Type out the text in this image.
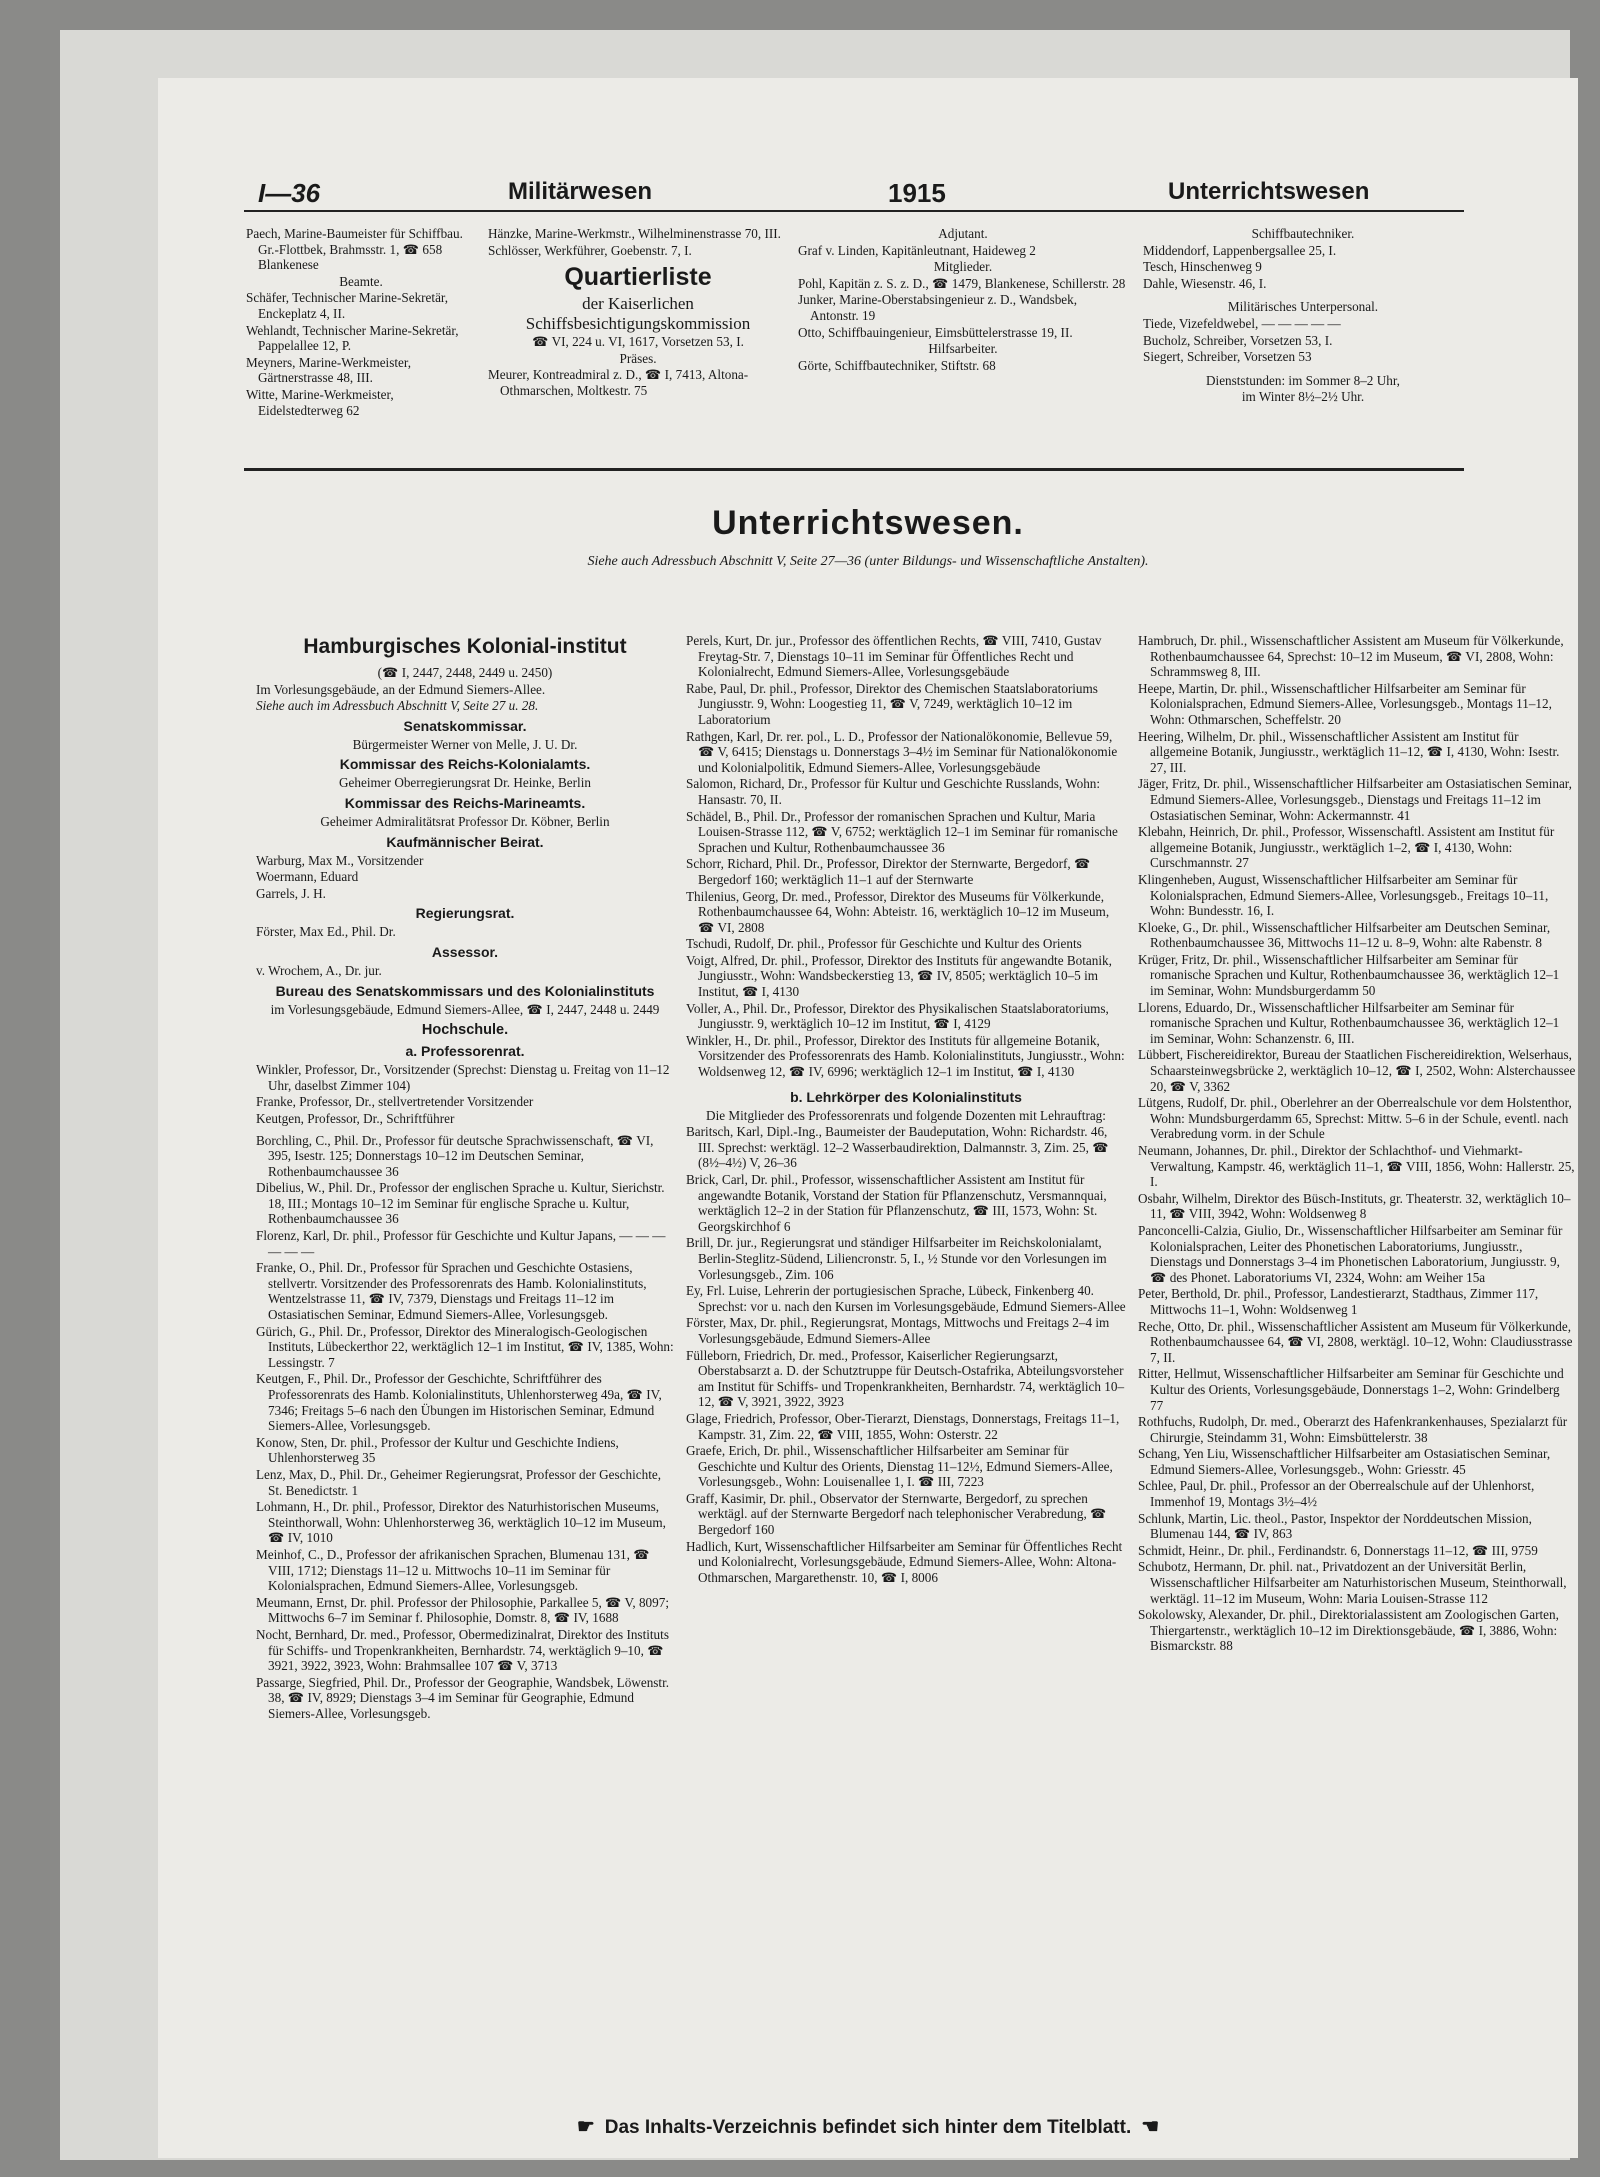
I—36	Militärwesen	1915	Unterrichtswesen

Paech, Marine-Baumeister für Schiffbau. Gr.-Flottbek, Brahmsstr. 1, ☎ 658 Blankenese

Beamte.

Schäfer, Technischer Marine-Sekretär, Enckeplatz 4, II.

Wehlandt, Technischer Marine-Sekretär, Pappelallee 12, P.

Meyners, Marine-Werkmeister, Gärtnerstrasse 48, III.

Witte, Marine-Werkmeister, Eidelstedterweg 62

Hänzke, Marine-Werkmstr., Wilhelminenstrasse 70, III.

Schlösser, Werkführer, Goebenstr. 7, I.

Quartierliste
der Kaiserlichen
Schiffsbesichtigungskommission

☎ VI, 224 u. VI, 1617, Vorsetzen 53, I.

Präses.

Meurer, Kontreadmiral z. D., ☎ I, 7413, Altona-Othmarschen, Moltkestr. 75

Adjutant.

Graf v. Linden, Kapitänleutnant, Haideweg 2

Mitglieder.

Pohl, Kapitän z. S. z. D., ☎ 1479, Blankenese, Schillerstr. 28

Junker, Marine-Oberstabsingenieur z. D., Wandsbek, Antonstr. 19

Otto, Schiffbauingenieur, Eimsbüttelerstrasse 19, II.

Hilfsarbeiter.

Görte, Schiffbautechniker, Stiftstr. 68

Schiffbautechniker.

Middendorf, Lappenbergsallee 25, I.

Tesch, Hinschenweg 9

Dahle, Wiesenstr. 46, I.

Militärisches Unterpersonal.

Tiede, Vizefeldwebel, — — — — —

Bucholz, Schreiber, Vorsetzen 53, I.

Siegert, Schreiber, Vorsetzen 53

Dienststunden: im Sommer 8–2 Uhr,

im Winter 8½–2½ Uhr.

Unterrichtswesen.
Siehe auch Adressbuch Abschnitt V, Seite 27—36 (unter Bildungs- und Wissenschaftliche Anstalten).
Hamburgisches Kolonial-institut

(☎ I, 2447, 2448, 2449 u. 2450)

Im Vorlesungsgebäude, an der Edmund Siemers-Allee.

Siehe auch im Adressbuch Abschnitt V, Seite 27 u. 28.

Senatskommissar.

Bürgermeister Werner von Melle, J. U. Dr.

Kommissar des Reichs-Kolonialamts.

Geheimer Oberregierungsrat Dr. Heinke, Berlin

Kommissar des Reichs-Marineamts.

Geheimer Admiralitätsrat Professor Dr. Köbner, Berlin

Kaufmännischer Beirat.

Warburg, Max M., Vorsitzender

Woermann, Eduard

Garrels, J. H.

Regierungsrat.

Förster, Max Ed., Phil. Dr.

Assessor.

v. Wrochem, A., Dr. jur.

Bureau des Senatskommissars und des Kolonialinstituts

im Vorlesungsgebäude, Edmund Siemers-Allee, ☎ I, 2447, 2448 u. 2449

Hochschule.
a. Professorenrat.

Winkler, Professor, Dr., Vorsitzender (Sprechst: Dienstag u. Freitag von 11–12 Uhr, daselbst Zimmer 104)

Franke, Professor, Dr., stellvertretender Vorsitzender

Keutgen, Professor, Dr., Schriftführer

Borchling, C., Phil. Dr., Professor für deutsche Sprachwissenschaft, ☎ VI, 395, Isestr. 125; Donnerstags 10–12 im Deutschen Seminar, Rothenbaumchaussee 36

Dibelius, W., Phil. Dr., Professor der englischen Sprache u. Kultur, Sierichstr. 18, III.; Montags 10–12 im Seminar für englische Sprache u. Kultur, Rothenbaumchaussee 36

Florenz, Karl, Dr. phil., Professor für Geschichte und Kultur Japans, — — — — — —

Franke, O., Phil. Dr., Professor für Sprachen und Geschichte Ostasiens, stellvertr. Vorsitzender des Professorenrats des Hamb. Kolonialinstituts, Wentzelstrasse 11, ☎ IV, 7379, Dienstags und Freitags 11–12 im Ostasiatischen Seminar, Edmund Siemers-Allee, Vorlesungsgeb.

Gürich, G., Phil. Dr., Professor, Direktor des Mineralogisch-Geologischen Instituts, Lübeckerthor 22, werktäglich 12–1 im Institut, ☎ IV, 1385, Wohn: Lessingstr. 7

Keutgen, F., Phil. Dr., Professor der Geschichte, Schriftführer des Professorenrats des Hamb. Kolonialinstituts, Uhlenhorsterweg 49a, ☎ IV, 7346; Freitags 5–6 nach den Übungen im Historischen Seminar, Edmund Siemers-Allee, Vorlesungsgeb.

Konow, Sten, Dr. phil., Professor der Kultur und Geschichte Indiens, Uhlenhorsterweg 35

Lenz, Max, D., Phil. Dr., Geheimer Regierungsrat, Professor der Geschichte, St. Benedictstr. 1

Lohmann, H., Dr. phil., Professor, Direktor des Naturhistorischen Museums, Steinthorwall, Wohn: Uhlenhorsterweg 36, werktäglich 10–12 im Museum, ☎ IV, 1010

Meinhof, C., D., Professor der afrikanischen Sprachen, Blumenau 131, ☎ VIII, 1712; Dienstags 11–12 u. Mittwochs 10–11 im Seminar für Kolonialsprachen, Edmund Siemers-Allee, Vorlesungsgeb.

Meumann, Ernst, Dr. phil. Professor der Philosophie, Parkallee 5, ☎ V, 8097; Mittwochs 6–7 im Seminar f. Philosophie, Domstr. 8, ☎ IV, 1688

Nocht, Bernhard, Dr. med., Professor, Obermedizinalrat, Direktor des Instituts für Schiffs- und Tropenkrankheiten, Bernhardstr. 74, werktäglich 9–10, ☎ 3921, 3922, 3923, Wohn: Brahmsallee 107 ☎ V, 3713

Passarge, Siegfried, Phil. Dr., Professor der Geographie, Wandsbek, Löwenstr. 38, ☎ IV, 8929; Dienstags 3–4 im Seminar für Geographie, Edmund Siemers-Allee, Vorlesungsgeb.

Perels, Kurt, Dr. jur., Professor des öffentlichen Rechts, ☎ VIII, 7410, Gustav Freytag-Str. 7, Dienstags 10–11 im Seminar für Öffentliches Recht und Kolonialrecht, Edmund Siemers-Allee, Vorlesungsgebäude

Rabe, Paul, Dr. phil., Professor, Direktor des Chemischen Staatslaboratoriums Jungiusstr. 9, Wohn: Loogestieg 11, ☎ V, 7249, werktäglich 10–12 im Laboratorium

Rathgen, Karl, Dr. rer. pol., L. D., Professor der Nationalökonomie, Bellevue 59, ☎ V, 6415; Dienstags u. Donnerstags 3–4½ im Seminar für Nationalökonomie und Kolonialpolitik, Edmund Siemers-Allee, Vorlesungsgebäude

Salomon, Richard, Dr., Professor für Kultur und Geschichte Russlands, Wohn: Hansastr. 70, II.

Schädel, B., Phil. Dr., Professor der romanischen Sprachen und Kultur, Maria Louisen-Strasse 112, ☎ V, 6752; werktäglich 12–1 im Seminar für romanische Sprachen und Kultur, Rothenbaumchaussee 36

Schorr, Richard, Phil. Dr., Professor, Direktor der Sternwarte, Bergedorf, ☎ Bergedorf 160; werktäglich 11–1 auf der Sternwarte

Thilenius, Georg, Dr. med., Professor, Direktor des Museums für Völkerkunde, Rothenbaumchaussee 64, Wohn: Abteistr. 16, werktäglich 10–12 im Museum, ☎ VI, 2808

Tschudi, Rudolf, Dr. phil., Professor für Geschichte und Kultur des Orients

Voigt, Alfred, Dr. phil., Professor, Direktor des Instituts für angewandte Botanik, Jungiusstr., Wohn: Wandsbeckerstieg 13, ☎ IV, 8505; werktäglich 10–5 im Institut, ☎ I, 4130

Voller, A., Phil. Dr., Professor, Direktor des Physikalischen Staatslaboratoriums, Jungiusstr. 9, werktäglich 10–12 im Institut, ☎ I, 4129

Winkler, H., Dr. phil., Professor, Direktor des Instituts für allgemeine Botanik, Vorsitzender des Professorenrats des Hamb. Kolonialinstituts, Jungiusstr., Wohn: Woldsenweg 12, ☎ IV, 6996; werktäglich 12–1 im Institut, ☎ I, 4130

b. Lehrkörper des Kolonialinstituts

Die Mitglieder des Professorenrats und folgende Dozenten mit Lehrauftrag:

Baritsch, Karl, Dipl.-Ing., Baumeister der Baudeputation, Wohn: Richardstr. 46, III. Sprechst: werktägl. 12–2 Wasserbaudirektion, Dalmannstr. 3, Zim. 25, ☎ (8½–4½) V, 26–36

Brick, Carl, Dr. phil., Professor, wissenschaftlicher Assistent am Institut für angewandte Botanik, Vorstand der Station für Pflanzenschutz, Versmannquai, werktäglich 12–2 in der Station für Pflanzenschutz, ☎ III, 1573, Wohn: St. Georgskirchhof 6

Brill, Dr. jur., Regierungsrat und ständiger Hilfsarbeiter im Reichskolonialamt, Berlin-Steglitz-Südend, Liliencronstr. 5, I., ½ Stunde vor den Vorlesungen im Vorlesungsgeb., Zim. 106

Ey, Frl. Luise, Lehrerin der portugiesischen Sprache, Lübeck, Finkenberg 40. Sprechst: vor u. nach den Kursen im Vorlesungsgebäude, Edmund Siemers-Allee

Förster, Max, Dr. phil., Regierungsrat, Montags, Mittwochs und Freitags 2–4 im Vorlesungsgebäude, Edmund Siemers-Allee

Fülleborn, Friedrich, Dr. med., Professor, Kaiserlicher Regierungsarzt, Oberstabsarzt a. D. der Schutztruppe für Deutsch-Ostafrika, Abteilungsvorsteher am Institut für Schiffs- und Tropenkrankheiten, Bernhardstr. 74, werktäglich 10–12, ☎ V, 3921, 3922, 3923

Glage, Friedrich, Professor, Ober-Tierarzt, Dienstags, Donnerstags, Freitags 11–1, Kampstr. 31, Zim. 22, ☎ VIII, 1855, Wohn: Osterstr. 22

Graefe, Erich, Dr. phil., Wissenschaftlicher Hilfsarbeiter am Seminar für Geschichte und Kultur des Orients, Dienstag 11–12½, Edmund Siemers-Allee, Vorlesungsgeb., Wohn: Louisenallee 1, I. ☎ III, 7223

Graff, Kasimir, Dr. phil., Observator der Sternwarte, Bergedorf, zu sprechen werktägl. auf der Sternwarte Bergedorf nach telephonischer Verabredung, ☎ Bergedorf 160

Hadlich, Kurt, Wissenschaftlicher Hilfsarbeiter am Seminar für Öffentliches Recht und Kolonialrecht, Vorlesungsgebäude, Edmund Siemers-Allee, Wohn: Altona-Othmarschen, Margarethenstr. 10, ☎ I, 8006

Hambruch, Dr. phil., Wissenschaftlicher Assistent am Museum für Völkerkunde, Rothenbaumchaussee 64, Sprechst: 10–12 im Museum, ☎ VI, 2808, Wohn: Schrammsweg 8, III.

Heepe, Martin, Dr. phil., Wissenschaftlicher Hilfsarbeiter am Seminar für Kolonialsprachen, Edmund Siemers-Allee, Vorlesungsgeb., Montags 11–12, Wohn: Othmarschen, Scheffelstr. 20

Heering, Wilhelm, Dr. phil., Wissenschaftlicher Assistent am Institut für allgemeine Botanik, Jungiusstr., werktäglich 11–12, ☎ I, 4130, Wohn: Isestr. 27, III.

Jäger, Fritz, Dr. phil., Wissenschaftlicher Hilfsarbeiter am Ostasiatischen Seminar, Edmund Siemers-Allee, Vorlesungsgeb., Dienstags und Freitags 11–12 im Ostasiatischen Seminar, Wohn: Ackermannstr. 41

Klebahn, Heinrich, Dr. phil., Professor, Wissenschaftl. Assistent am Institut für allgemeine Botanik, Jungiusstr., werktäglich 1–2, ☎ I, 4130, Wohn: Curschmannstr. 27

Klingenheben, August, Wissenschaftlicher Hilfsarbeiter am Seminar für Kolonialsprachen, Edmund Siemers-Allee, Vorlesungsgeb., Freitags 10–11, Wohn: Bundesstr. 16, I.

Kloeke, G., Dr. phil., Wissenschaftlicher Hilfsarbeiter am Deutschen Seminar, Rothenbaumchaussee 36, Mittwochs 11–12 u. 8–9, Wohn: alte Rabenstr. 8

Krüger, Fritz, Dr. phil., Wissenschaftlicher Hilfsarbeiter am Seminar für romanische Sprachen und Kultur, Rothenbaumchaussee 36, werktäglich 12–1 im Seminar, Wohn: Mundsburgerdamm 50

Llorens, Eduardo, Dr., Wissenschaftlicher Hilfsarbeiter am Seminar für romanische Sprachen und Kultur, Rothenbaumchaussee 36, werktäglich 12–1 im Seminar, Wohn: Schanzenstr. 6, III.

Lübbert, Fischereidirektor, Bureau der Staatlichen Fischereidirektion, Welserhaus, Schaarsteinwegsbrücke 2, werktäglich 10–12, ☎ I, 2502, Wohn: Alsterchaussee 20, ☎ V, 3362

Lütgens, Rudolf, Dr. phil., Oberlehrer an der Oberrealschule vor dem Holstenthor, Wohn: Mundsburgerdamm 65, Sprechst: Mittw. 5–6 in der Schule, eventl. nach Verabredung vorm. in der Schule

Neumann, Johannes, Dr. phil., Direktor der Schlachthof- und Viehmarkt-Verwaltung, Kampstr. 46, werktäglich 11–1, ☎ VIII, 1856, Wohn: Hallerstr. 25, I.

Osbahr, Wilhelm, Direktor des Büsch-Instituts, gr. Theaterstr. 32, werktäglich 10–11, ☎ VIII, 3942, Wohn: Woldsenweg 8

Panconcelli-Calzia, Giulio, Dr., Wissenschaftlicher Hilfsarbeiter am Seminar für Kolonialsprachen, Leiter des Phonetischen Laboratoriums, Jungiusstr., Dienstags und Donnerstags 3–4 im Phonetischen Laboratorium, Jungiusstr. 9, ☎ des Phonet. Laboratoriums VI, 2324, Wohn: am Weiher 15a

Peter, Berthold, Dr. phil., Professor, Landestierarzt, Stadthaus, Zimmer 117, Mittwochs 11–1, Wohn: Woldsenweg 1

Reche, Otto, Dr. phil., Wissenschaftlicher Assistent am Museum für Völkerkunde, Rothenbaumchaussee 64, ☎ VI, 2808, werktägl. 10–12, Wohn: Claudiusstrasse 7, II.

Ritter, Hellmut, Wissenschaftlicher Hilfsarbeiter am Seminar für Geschichte und Kultur des Orients, Vorlesungsgebäude, Donnerstags 1–2, Wohn: Grindelberg 77

Rothfuchs, Rudolph, Dr. med., Oberarzt des Hafenkrankenhauses, Spezialarzt für Chirurgie, Steindamm 31, Wohn: Eimsbüttelerstr. 38

Schang, Yen Liu, Wissenschaftlicher Hilfsarbeiter am Ostasiatischen Seminar, Edmund Siemers-Allee, Vorlesungsgeb., Wohn: Griesstr. 45

Schlee, Paul, Dr. phil., Professor an der Oberrealschule auf der Uhlenhorst, Immenhof 19, Montags 3½–4½

Schlunk, Martin, Lic. theol., Pastor, Inspektor der Norddeutschen Mission, Blumenau 144, ☎ IV, 863

Schmidt, Heinr., Dr. phil., Ferdinandstr. 6, Donnerstags 11–12, ☎ III, 9759

Schubotz, Hermann, Dr. phil. nat., Privatdozent an der Universität Berlin, Wissenschaftlicher Hilfsarbeiter am Naturhistorischen Museum, Steinthorwall, werktägl. 11–12 im Museum, Wohn: Maria Louisen-Strasse 112

Sokolowsky, Alexander, Dr. phil., Direktorialassistent am Zoologischen Garten, Thiergartenstr., werktäglich 10–12 im Direktionsgebäude, ☎ I, 3886, Wohn: Bismarckstr. 88

☛ Das Inhalts-Verzeichnis befindet sich hinter dem Titelblatt. ☚
